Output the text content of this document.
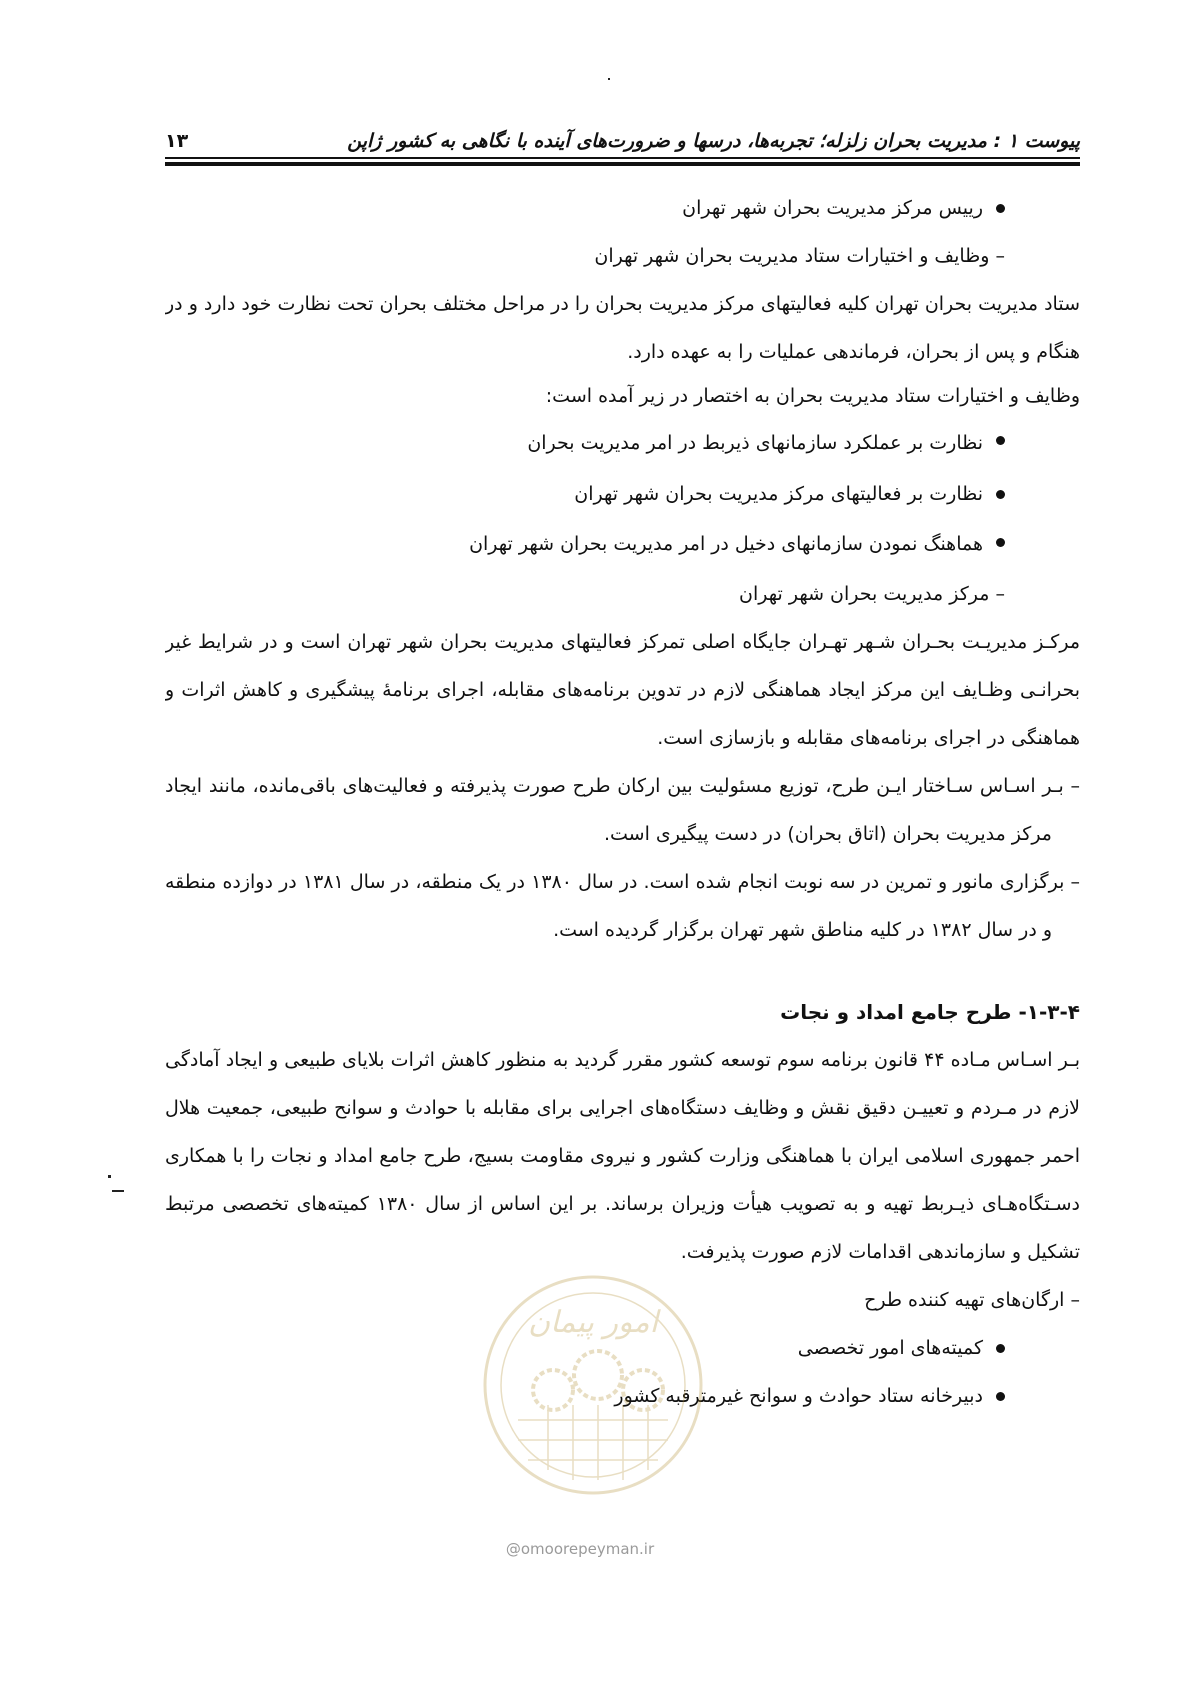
پیوست ۱ : مدیریت بحران زلزله؛ تجربه‌ها، درسها و ضرورت‌های آینده با نگاهی به کشور ژاپن
۱۳
رییس مرکز مدیریت بحران شهر تهران
– وظایف و اختیارات ستاد مدیریت بحران شهر تهران
ستاد مدیریت بحران تهران کلیه فعالیتهای مرکز مدیریت بحران را در مراحل مختلف بحران تحت نظارت خود دارد و در
هنگام و پس از بحران، فرماندهی عملیات را به عهده دارد.
وظایف و اختیارات ستاد مدیریت بحران به اختصار در زیر آمده است:
نظارت بر عملکرد سازمانهای ذیربط در امر مدیریت بحران
نظارت بر فعالیتهای مرکز مدیریت بحران شهر تهران
هماهنگ نمودن سازمانهای دخیل در امر مدیریت بحران شهر تهران
– مرکز مدیریت بحران شهر تهران
مرکـز مدیریـت بحـران شـهر تهـران جایگاه اصلی تمرکز فعالیتهای مدیریت بحران شهر تهران است و در شرایط غیر
بحرانـی وظـایف این مرکز ایجاد هماهنگی لازم در تدوین برنامه‌های مقابله، اجرای برنامهٔ پیشگیری و کاهش اثرات و
هماهنگی در اجرای برنامه‌های مقابله و بازسازی است.
– بـر اسـاس سـاختار ایـن طرح، توزیع مسئولیت بین ارکان طرح صورت پذیرفته و فعالیت‌های باقی‌مانده، مانند ایجاد
مرکز مدیریت بحران (اتاق بحران) در دست پیگیری است.
– برگزاری مانور و تمرین در سه نوبت انجام شده است. در سال ۱۳۸۰ در یک منطقه، در سال ۱۳۸۱ در دوازده منطقه
و در سال ۱۳۸۲ در کلیه مناطق شهر تهران برگزار گردیده است.
۱-۳-۴- طرح جامع امداد و نجات
بـر اسـاس مـاده ۴۴ قانون برنامه سوم توسعه کشور مقرر گردید به منظور کاهش اثرات بلایای طبیعی و ایجاد آمادگی
لازم در مـردم و تعییـن دقیق نقش و وظایف دستگاه‌های اجرایی برای مقابله با حوادث و سوانح طبیعی، جمعیت هلال
احمر جمهوری اسلامی ایران با هماهنگی وزارت کشور و نیروی مقاومت بسیج، طرح جامع امداد و نجات را با همکاری
دسـتگاه‌هـای ذیـربط تهیه و به تصویب هیأت وزیران برساند. بر این اساس از سال ۱۳۸۰ کمیته‌های تخصصی مرتبط
تشکیل و سازماندهی اقدامات لازم صورت پذیرفت.
– ارگان‌های تهیه کننده طرح
کمیته‌های امور تخصصی
دبیرخانه ستاد حوادث و سوانح غیرمترقبه کشور
امور پیمان
@omoorepeyman.ir
